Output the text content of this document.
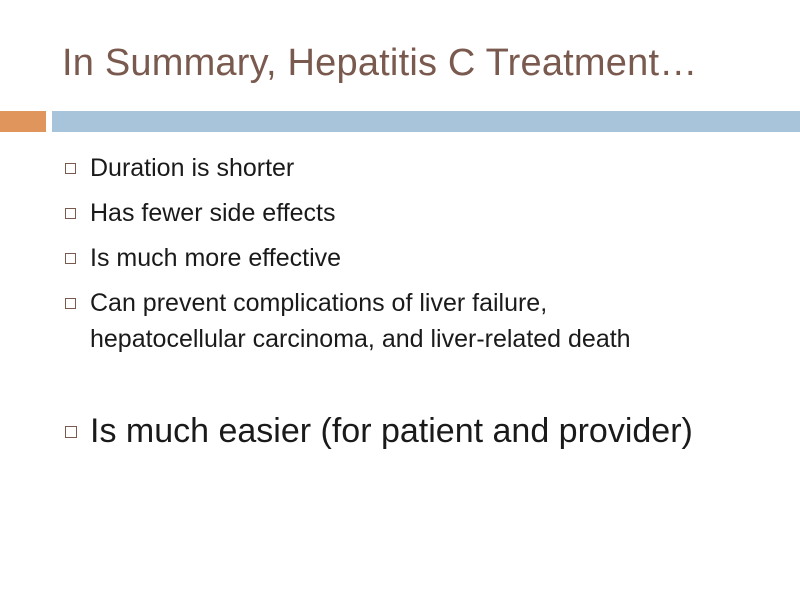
In Summary, Hepatitis C Treatment…
Duration is shorter
Has fewer side effects
Is much more effective
Can prevent complications of liver failure,
hepatocellular carcinoma, and liver-related death
Is much easier (for patient and provider)
